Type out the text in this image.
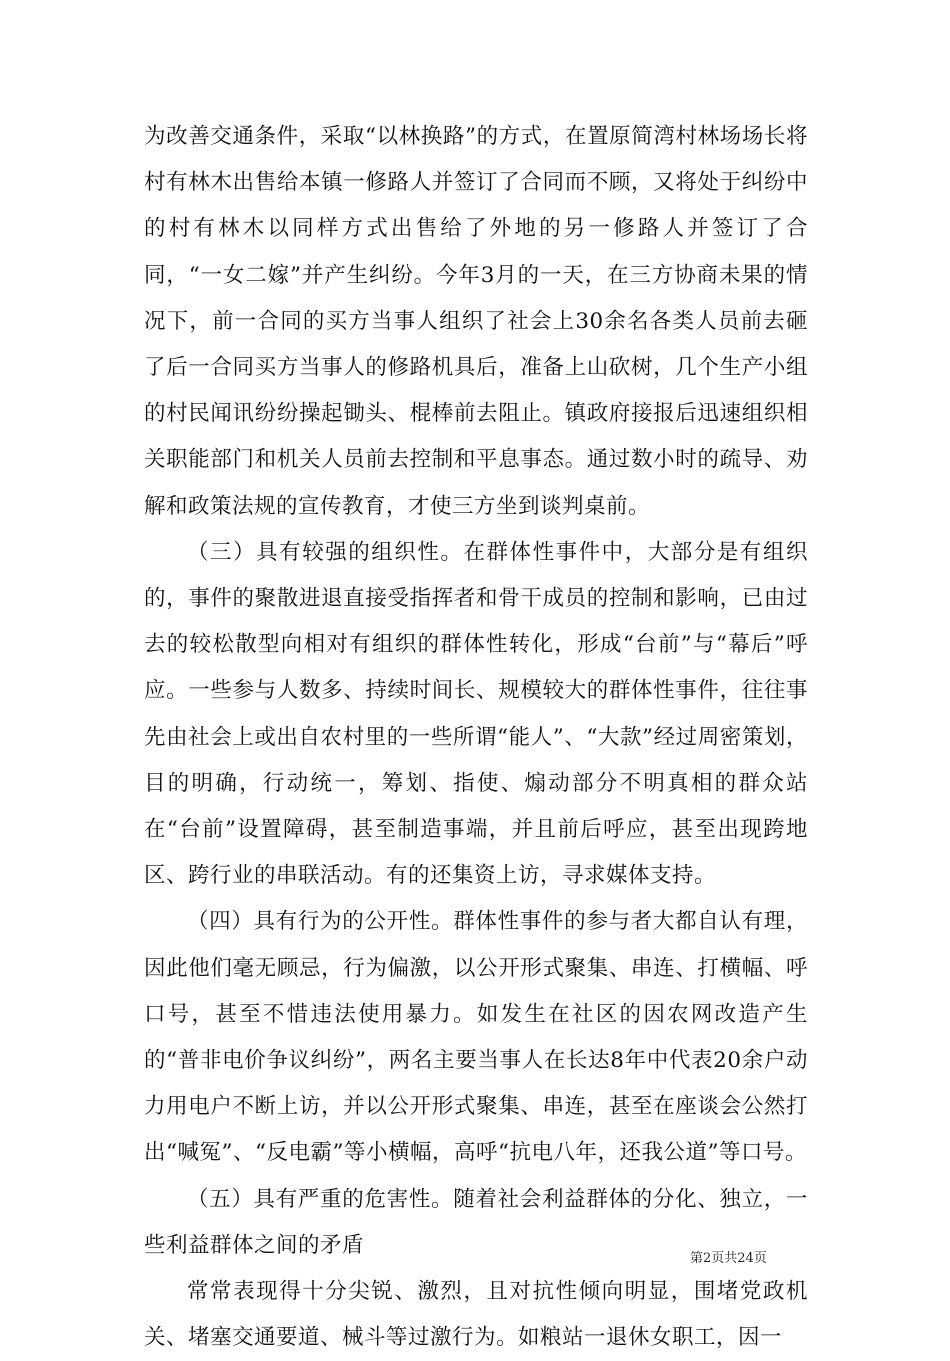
为改善交通条件，采取“以林换路”的方式，在置原简湾村林场场长将村有林木出售给本镇一修路人并签订了合同而不顾，又将处于纠纷中的村有林木以同样方式出售给了外地的另一修路人并签订了合同，“一女二嫁”并产生纠纷。今年3月的一天，在三方协商未果的情况下，前一合同的买方当事人组织了社会上30余名各类人员前去砸了后一合同买方当事人的修路机具后，准备上山砍树，几个生产小组的村民闻讯纷纷操起锄头、棍棒前去阻止。镇政府接报后迅速组织相关职能部门和机关人员前去控制和平息事态。通过数小时的疏导、劝解和政策法规的宣传教育，才使三方坐到谈判桌前。

（三）具有较强的组织性。在群体性事件中，大部分是有组织的，事件的聚散进退直接受指挥者和骨干成员的控制和影响，已由过去的较松散型向相对有组织的群体性转化，形成“台前”与“幕后”呼应。一些参与人数多、持续时间长、规模较大的群体性事件，往往事先由社会上或出自农村里的一些所谓“能人”、“大款”经过周密策划，目的明确，行动统一，筹划、指使、煽动部分不明真相的群众站在“台前”设置障碍，甚至制造事端，并且前后呼应，甚至出现跨地区、跨行业的串联活动。有的还集资上访，寻求媒体支持。

（四）具有行为的公开性。群体性事件的参与者大都自认有理，因此他们毫无顾忌，行为偏激，以公开形式聚集、串连、打横幅、呼口号，甚至不惜违法使用暴力。如发生在社区的因农网改造产生的“普非电价争议纠纷”，两名主要当事人在长达8年中代表20余户动力用电户不断上访，并以公开形式聚集、串连，甚至在座谈会公然打出“喊冤”、“反电霸”等小横幅，高呼“抗电八年，还我公道”等口号。

（五）具有严重的危害性。随着社会利益群体的分化、独立，一些利益群体之间的矛盾

常常表现得十分尖锐、激烈，且对抗性倾向明显，围堵党政机关、堵塞交通要道、械斗等过激行为。如粮站一退休女职工，因一

第2页共24页
